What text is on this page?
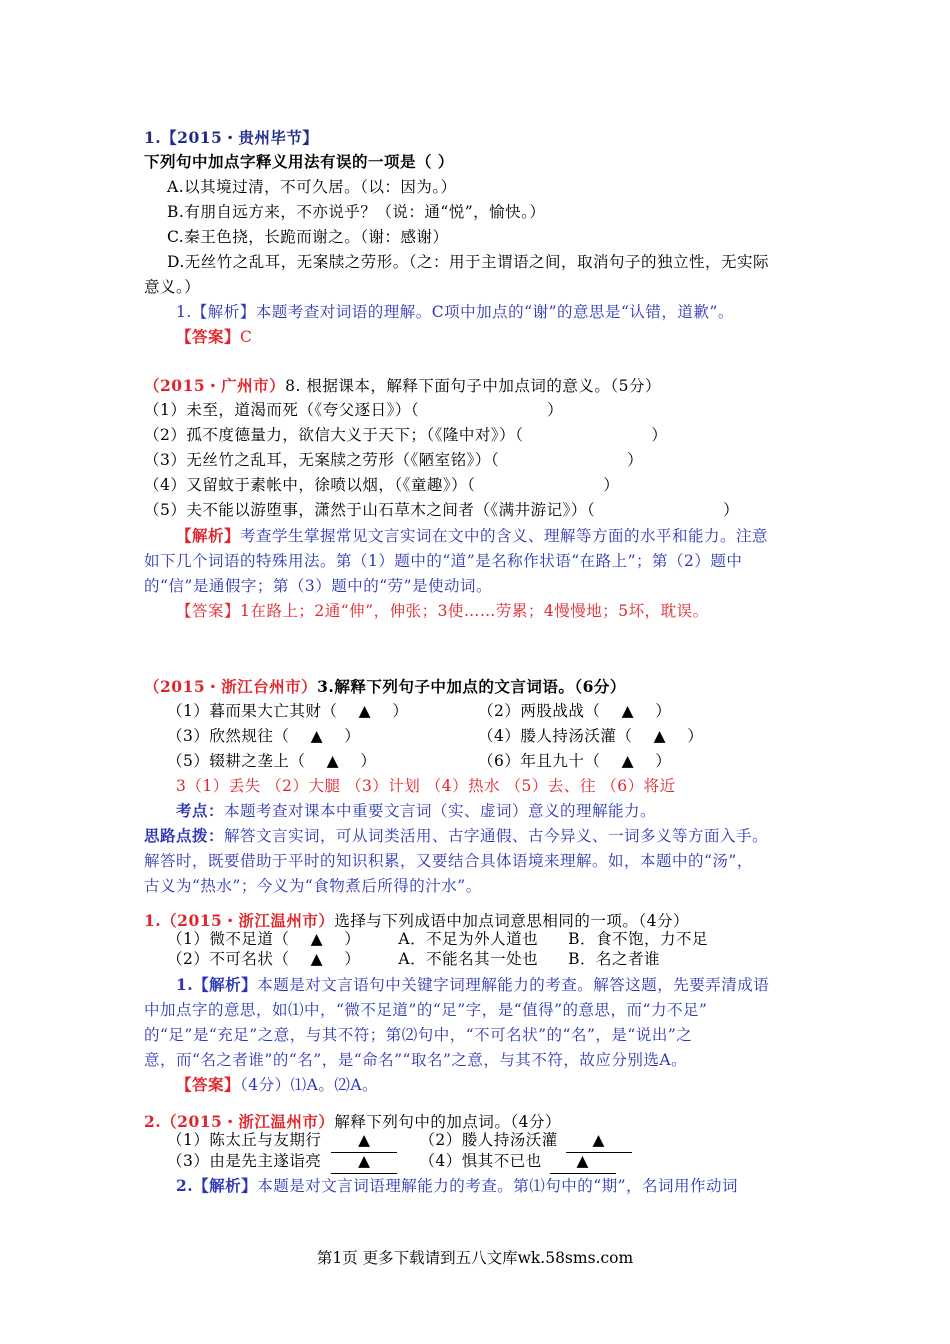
1.【2015・贵州毕节】
下列句中加点字释义用法有误的一项是（ ）
A.以其境过清，不可久居。（以：因为。）
B.有朋自远方来，不亦说乎？（说：通“悦”，愉快。）
C.秦王色挠，长跪而谢之。（谢：感谢）
D.无丝竹之乱耳，无案牍之劳形。（之：用于主谓语之间，取消句子的独立性，无实际
意义。）
1.【解析】本题考查对词语的理解。C项中加点的“谢”的意思是“认错，道歉”。
【答案】C
（2015・广州市）8. 根据课本，解释下面句子中加点词的意义。（5分）
（1）未至，道渴而死（《夸父逐日》）（	）
（2）孤不度德量力，欲信大义于天下；（《隆中对》）（	）
（3）无丝竹之乱耳，无案牍之劳形（《陋室铭》）（	）
（4）又留蚊于素帐中，徐喷以烟，（《童趣》）（	）
（5）夫不能以游堕事，潇然于山石草木之间者（《满井游记》）（	）
【解析】考查学生掌握常见文言实词在文中的含义、理解等方面的水平和能力。注意
如下几个词语的特殊用法。第（1）题中的“道”是名称作状语“在路上”；第（2）题中
的“信”是通假字；第（3）题中的“劳”是使动词。
【答案】1在路上；2通“伸”，伸张；3使……劳累；4慢慢地；5坏，耽误。
（2015・浙江台州市）3.解释下列句子中加点的文言词语。（6分）
（1）暮而果大亡其财（ ▲ ）	（2）两股战战（ ▲ ）
（3）欣然规往（ ▲ ）	（4）媵人持汤沃灌（ ▲ ）
（5）辍耕之垄上（ ▲ ）	（6）年且九十（ ▲ ）
3（1）丢失 （2）大腿 （3）计划 （4）热水 （5）去、往 （6）将近
考点：本题考查对课本中重要文言词（实、虚词）意义的理解能力。
思路点拨：解答文言实词，可从词类活用、古字通假、古今异义、一词多义等方面入手。
解答时，既要借助于平时的知识积累，又要结合具体语境来理解。如，本题中的“汤”，
古义为“热水”；今义为“食物煮后所得的汁水”。
1.（2015・浙江温州市）选择与下列成语中加点词意思相同的一项。（4分）
（1）微不足道（ ▲ ） A．不足为外人道也 B．食不饱，力不足
（2）不可名状（ ▲ ） A．不能名其一处也 B．名之者谁
1.【解析】本题是对文言语句中关键字词理解能力的考查。解答这题，先要弄清成语
中加点字的意思，如⑴中，“微不足道”的“足”字，是“值得”的意思，而“力不足”
的“足”是“充足”之意，与其不符；第⑵句中，“不可名状”的“名”，是“说出”之
意，而“名之者谁”的“名”，是“命名”“取名”之意，与其不符，故应分别选A。
【答案】（4分）⑴A。⑵A。
2.（2015・浙江温州市）解释下列句中的加点词。（4分）
（1）陈太丘与友期行 ▲	（2）媵人持汤沃灌 ▲
（3）由是先主遂诣亮 ▲	（4）惧其不已也 ▲
2.【解析】本题是对文言词语理解能力的考查。第⑴句中的“期”，名词用作动词
第1页 更多下载请到五八文库wk.58sms.com
